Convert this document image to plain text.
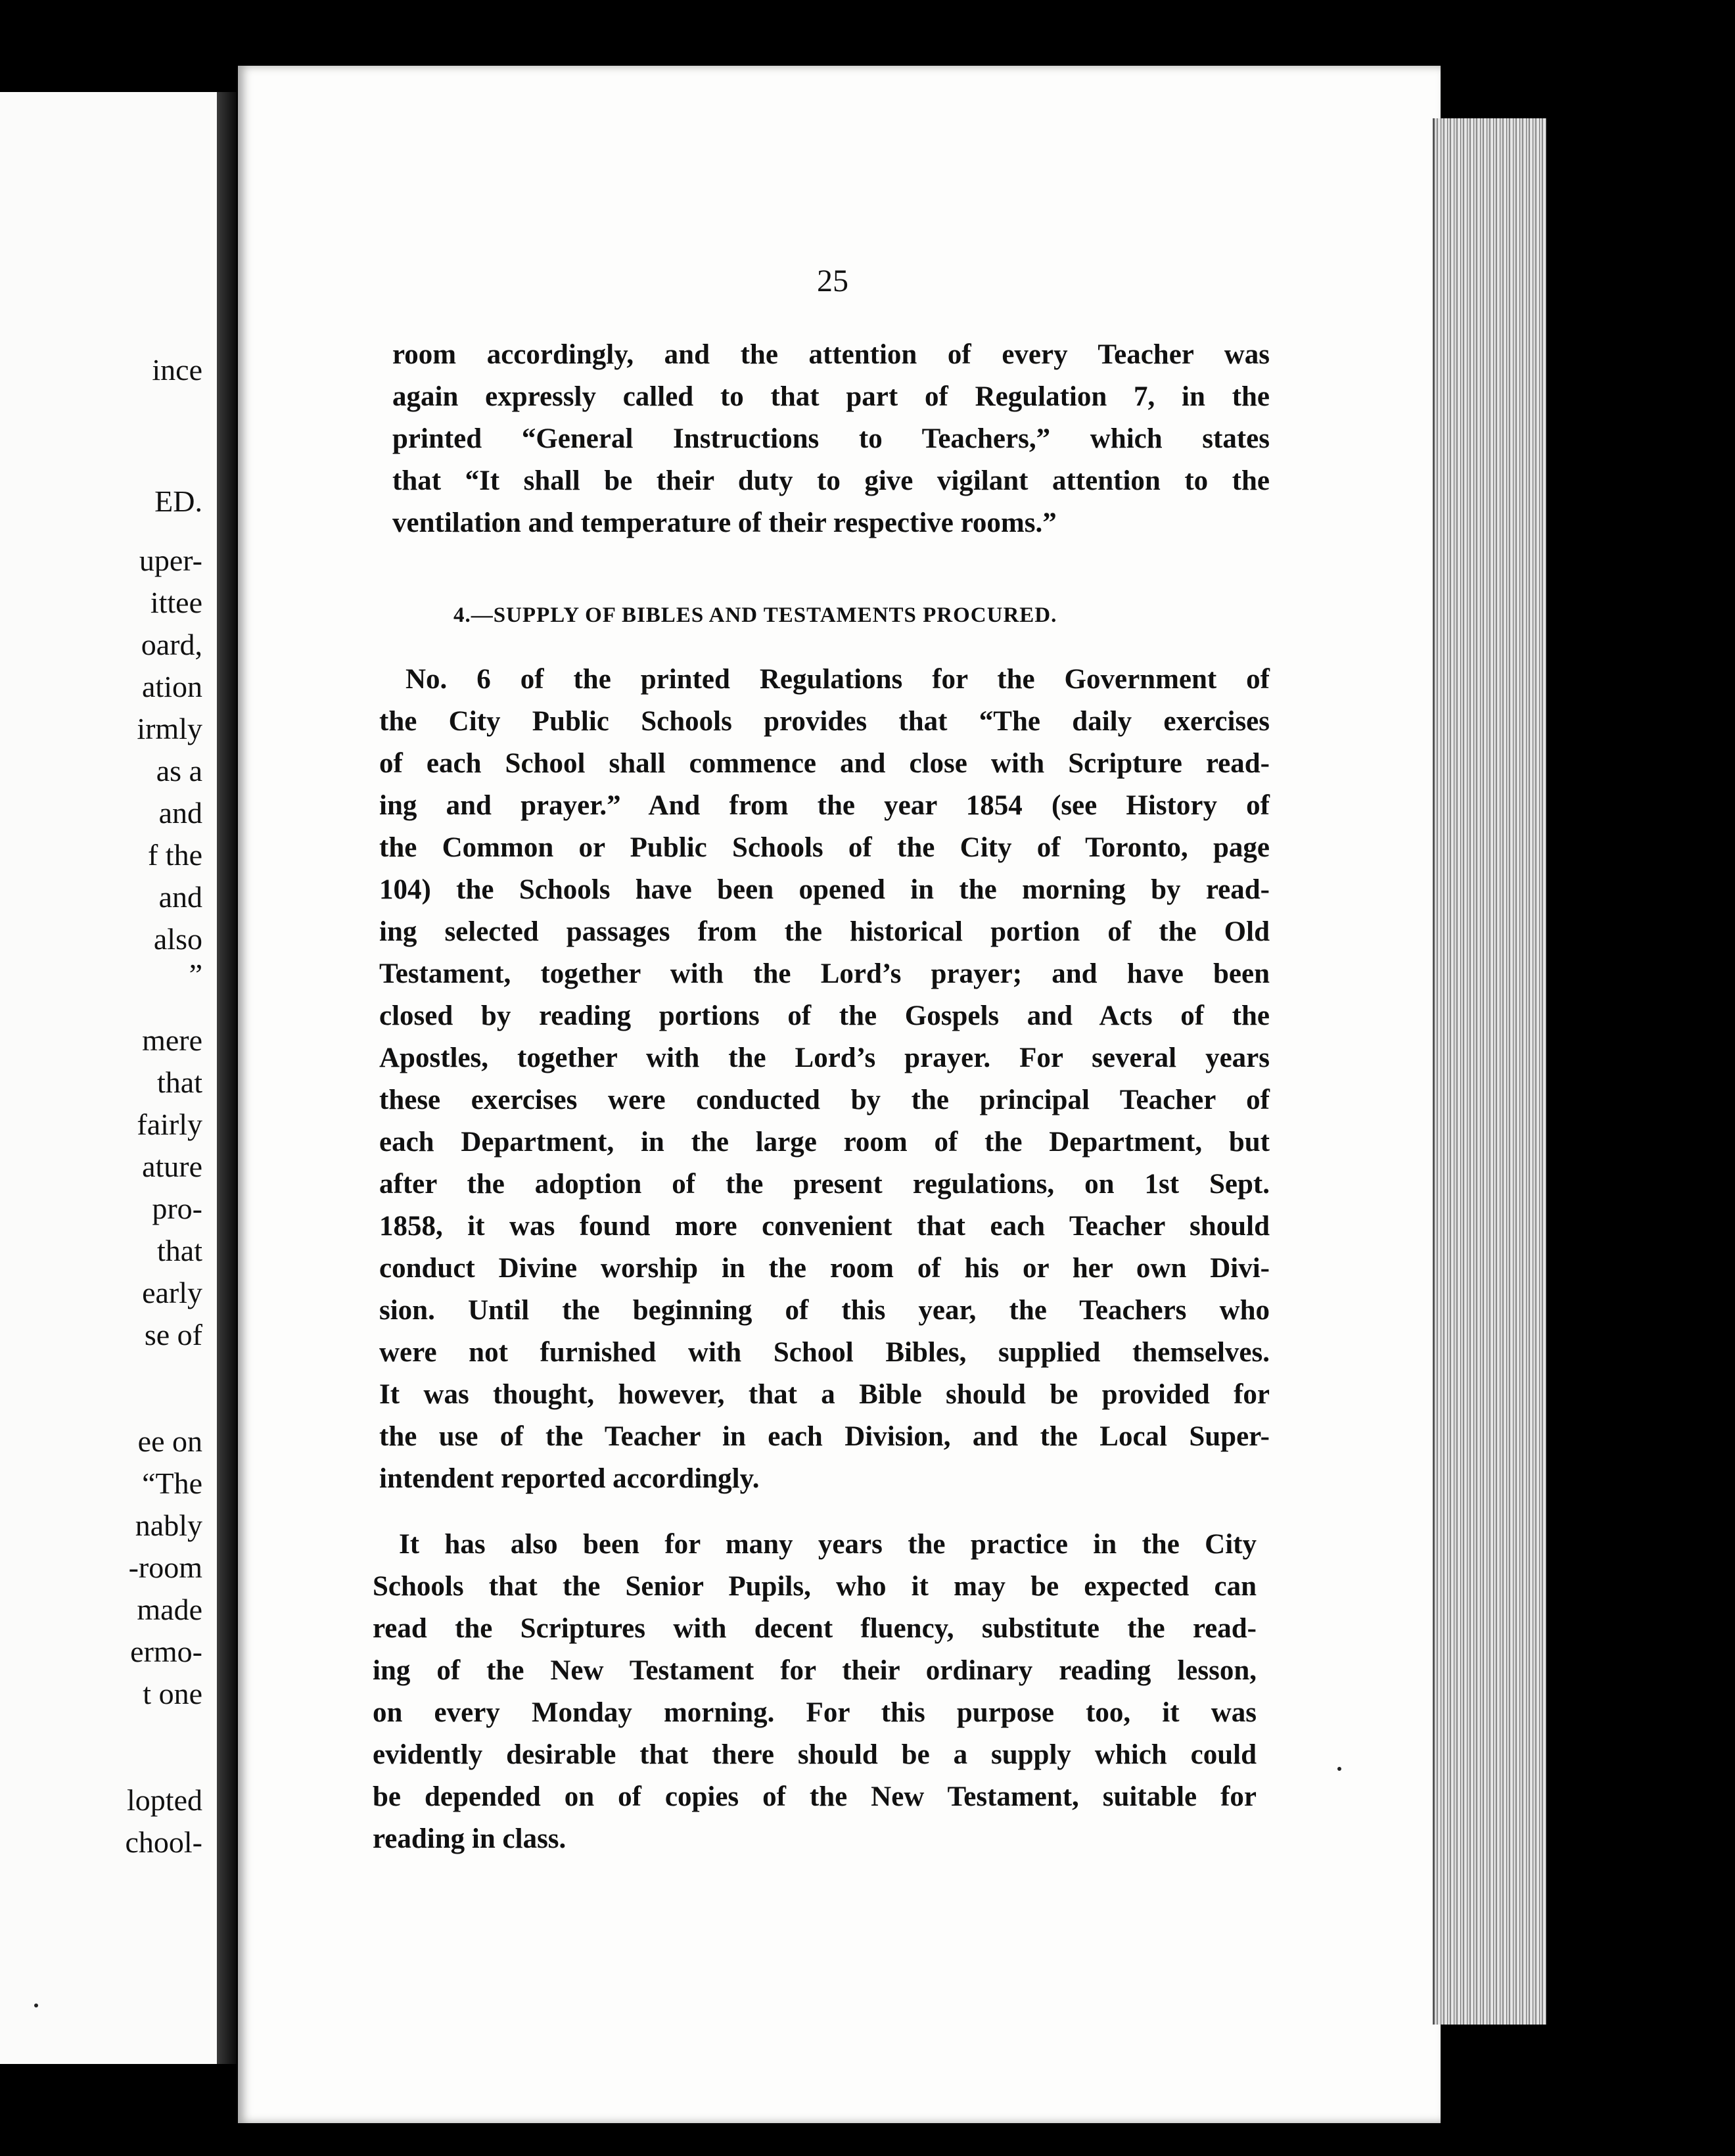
ince

ED.

uper-

ittee

oard,

ation

irmly

as a

and

f the

and

also

”

mere

that

fairly

ature

pro-

that

early

se of

ee on

“The

nably

-room

made

ermo-

t one

lopted

chool-

25

room accordingly, and the attention of every Teacher was
again expressly called to that part of Regulation 7, in the
printed “General Instructions to Teachers,” which states
that “It shall be their duty to give vigilant attention to the
ventilation and temperature of their respective rooms.”
4.—SUPPLY OF BIBLES AND TESTAMENTS PROCURED.
No. 6 of the printed Regulations for the Government of
the City Public Schools provides that “The daily exercises
of each School shall commence and close with Scripture read-
ing and prayer.” And from the year 1854 (see History of
the Common or Public Schools of the City of Toronto, page
104) the Schools have been opened in the morning by read-
ing selected passages from the historical portion of the Old
Testament, together with the Lord’s prayer; and have been
closed by reading portions of the Gospels and Acts of the
Apostles, together with the Lord’s prayer. For several years
these exercises were conducted by the principal Teacher of
each Department, in the large room of the Department, but
after the adoption of the present regulations, on 1st Sept.
1858, it was found more convenient that each Teacher should
conduct Divine worship in the room of his or her own Divi-
sion. Until the beginning of this year, the Teachers who
were not furnished with School Bibles, supplied themselves.
It was thought, however, that a Bible should be provided for
the use of the Teacher in each Division, and the Local Super-
intendent reported accordingly.
It has also been for many years the practice in the City
Schools that the Senior Pupils, who it may be expected can
read the Scriptures with decent fluency, substitute the read-
ing of the New Testament for their ordinary reading lesson,
on every Monday morning. For this purpose too, it was
evidently desirable that there should be a supply which could
be depended on of copies of the New Testament, suitable for
reading in class.
